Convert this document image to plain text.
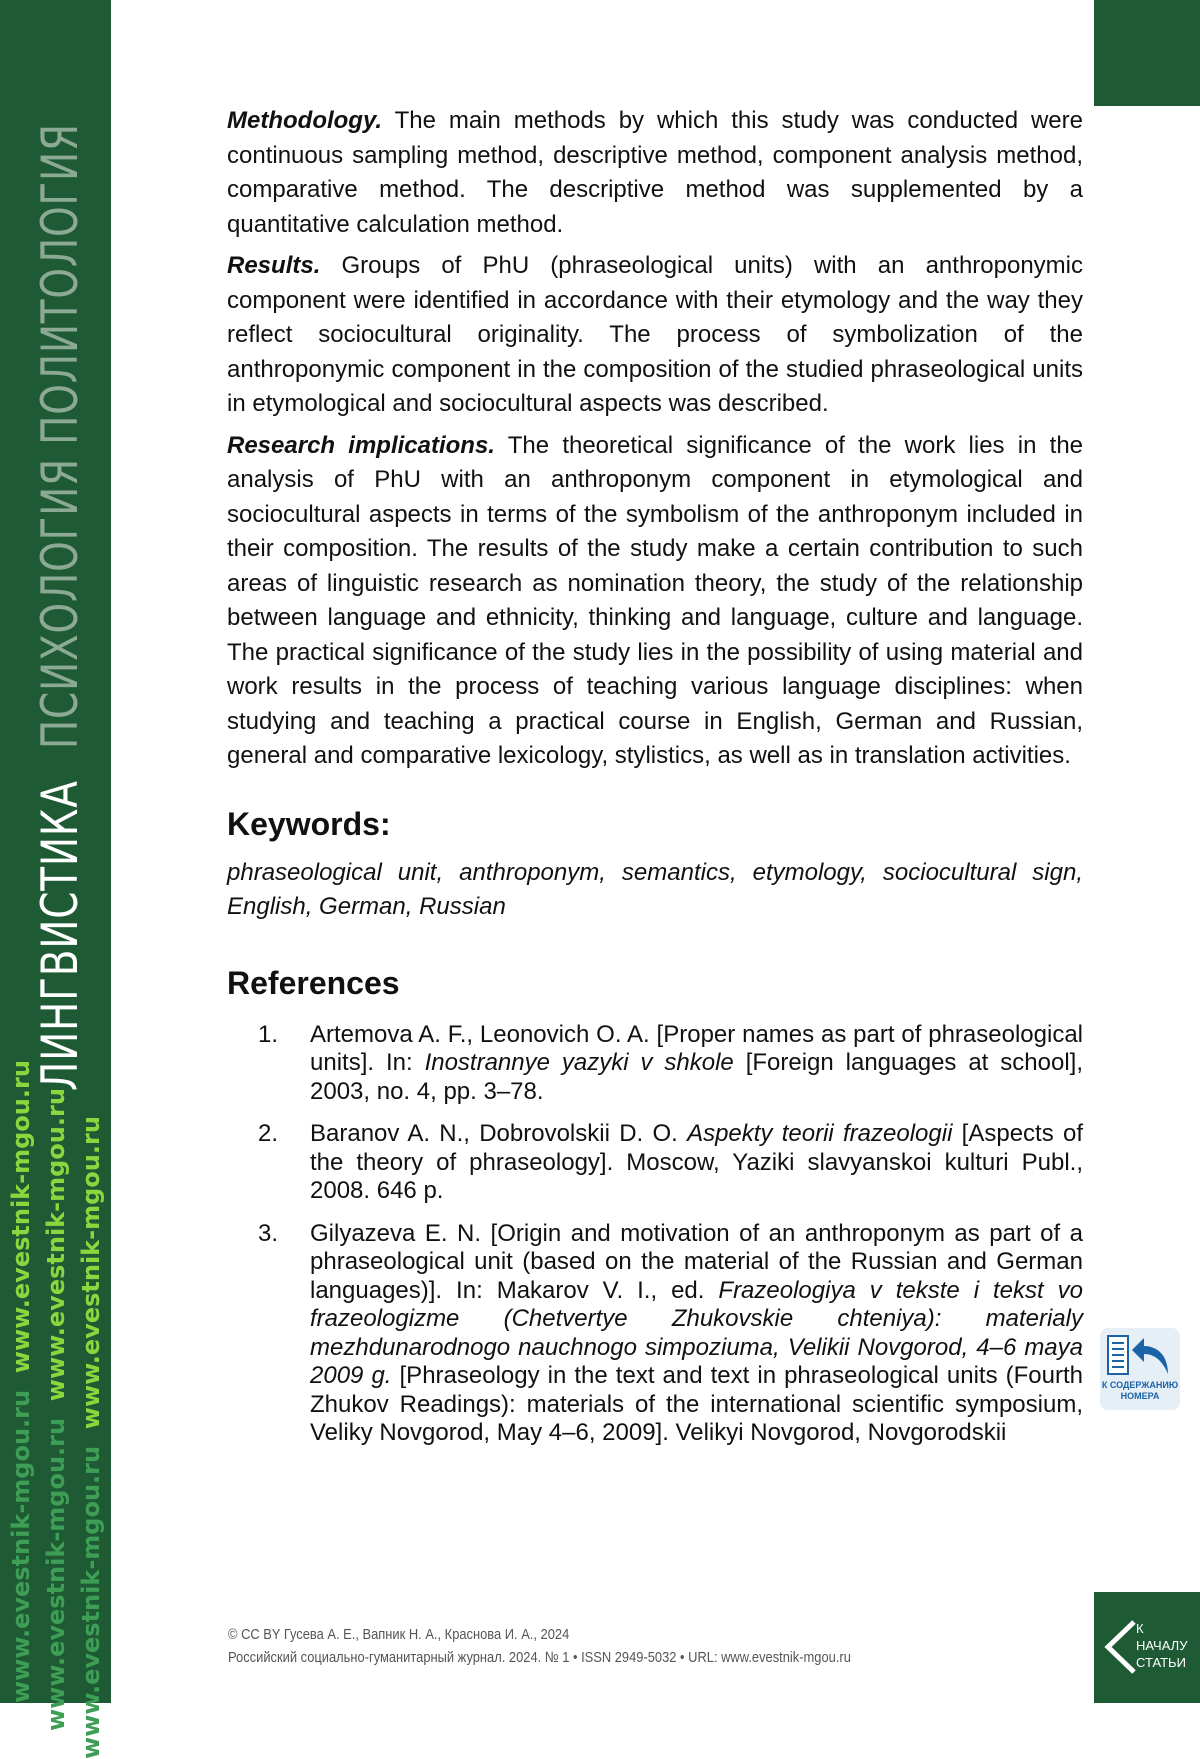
ЛИНГВИСТИКАПСИХОЛОГИЯ ПОЛИТОЛОГИЯ
www.evestnik-mgou.ru  www.evestnik-mgou.ru
www.evestnik-mgou.ru  www.evestnik-mgou.ru
www.evestnik-mgou.ru  www.evestnik-mgou.ru

Methodology. The main methods by which this study was conducted were continuous sampling method, descriptive method, component analysis method, comparative method. The descriptive method was supplemented by a quantitative calculation method.

Results. Groups of PhU (phraseological units) with an anthroponymic component were identified in accordance with their etymology and the way they reflect sociocultural originality. The process of symbolization of the anthroponymic component in the composition of the studied phraseological units in etymological and sociocultural aspects was described.

Research implications. The theoretical significance of the work lies in the analysis of PhU with an anthroponym component in etymological and sociocultural aspects in terms of the symbolism of the anthroponym included in their composition. The results of the study make a certain contribution to such areas of linguistic research as nomination theory, the study of the relationship between language and ethnicity, thinking and language, culture and language. The practical significance of the study lies in the possibility of using material and work results in the process of teaching various language disciplines: when studying and teaching a practical course in English, German and Russian, general and comparative lexicology, stylistics, as well as in translation activities.

Keywords:

phraseological unit, anthroponym, semantics, etymology, sociocultural sign, English, German, Russian

References
1. Artemova A. F., Leonovich O. A. [Proper names as part of phraseological units]. In: Inostrannye yazyki v shkole [Foreign languages at school], 2003, no. 4, pp. 3–78.
2. Baranov A. N., Dobrovolskii D. O. Aspekty teorii frazeologii [Aspects of the theory of phraseology]. Moscow, Yaziki slavyanskoi kulturi Publ., 2008. 646 p.
3. Gilyazeva E. N. [Origin and motivation of an anthroponym as part of a phraseological unit (based on the material of the Russian and German languages)]. In: Makarov V. I., ed. Frazeologiya v tekste i tekst vo frazeologizme (Chetvertye Zhukovskie chteniya): materialy mezhdunarodnogo nauchnogo simpoziuma, Velikii Novgorod, 4–6 maya 2009 g. [Phraseology in the text and text in phraseological units (Fourth Zhukov Readings): materials of the international scientific symposium, Veliky Novgorod, May 4–6, 2009]. Velikyi Novgorod, Novgorodskii
К СОДЕРЖАНИЮ
НОМЕРА
© CC BY Гусева А. Е., Вапник Н. А., Краснова И. А., 2024
Российский социально-гуманитарный журнал. 2024. № 1 • ISSN 2949-5032 • URL: www.evestnik-mgou.ru
К
НАЧАЛУ
СТАТЬИ
